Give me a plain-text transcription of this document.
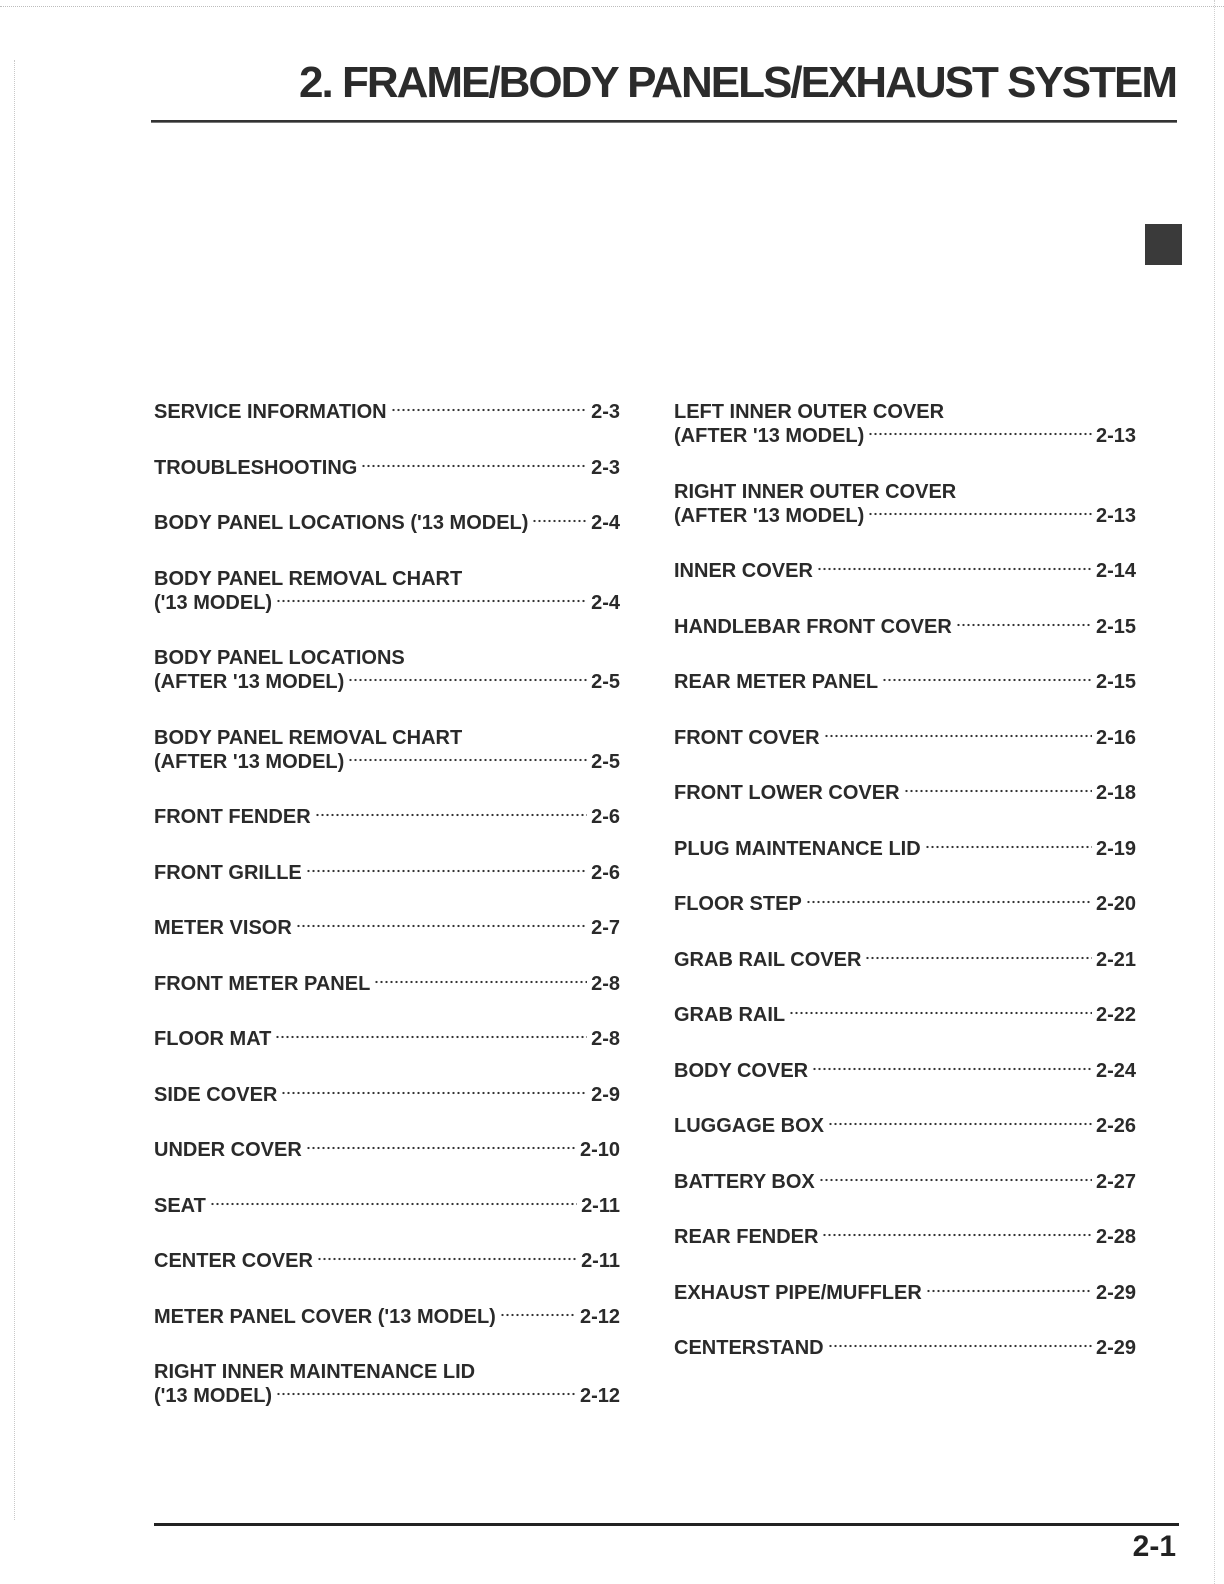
2. FRAME/BODY PANELS/EXHAUST SYSTEM
SERVICE INFORMATION	2-3
TROUBLESHOOTING	2-3
BODY PANEL LOCATIONS ('13 MODEL)	2-4
BODY PANEL REMOVAL CHART
('13 MODEL)	2-4
BODY PANEL LOCATIONS
(AFTER '13 MODEL)	2-5
BODY PANEL REMOVAL CHART
(AFTER '13 MODEL)	2-5
FRONT FENDER	2-6
FRONT GRILLE	2-6
METER VISOR	2-7
FRONT METER PANEL	2-8
FLOOR MAT	2-8
SIDE COVER	2-9
UNDER COVER	2-10
SEAT	2-11
CENTER COVER	2-11
METER PANEL COVER ('13 MODEL)	2-12
RIGHT INNER MAINTENANCE LID
('13 MODEL)	2-12
LEFT INNER OUTER COVER
(AFTER '13 MODEL)	2-13
RIGHT INNER OUTER COVER
(AFTER '13 MODEL)	2-13
INNER COVER	2-14
HANDLEBAR FRONT COVER	2-15
REAR METER PANEL	2-15
FRONT COVER	2-16
FRONT LOWER COVER	2-18
PLUG MAINTENANCE LID	2-19
FLOOR STEP	2-20
GRAB RAIL COVER	2-21
GRAB RAIL	2-22
BODY COVER	2-24
LUGGAGE BOX	2-26
BATTERY BOX	2-27
REAR FENDER	2-28
EXHAUST PIPE/MUFFLER	2-29
CENTERSTAND	2-29
2-1
